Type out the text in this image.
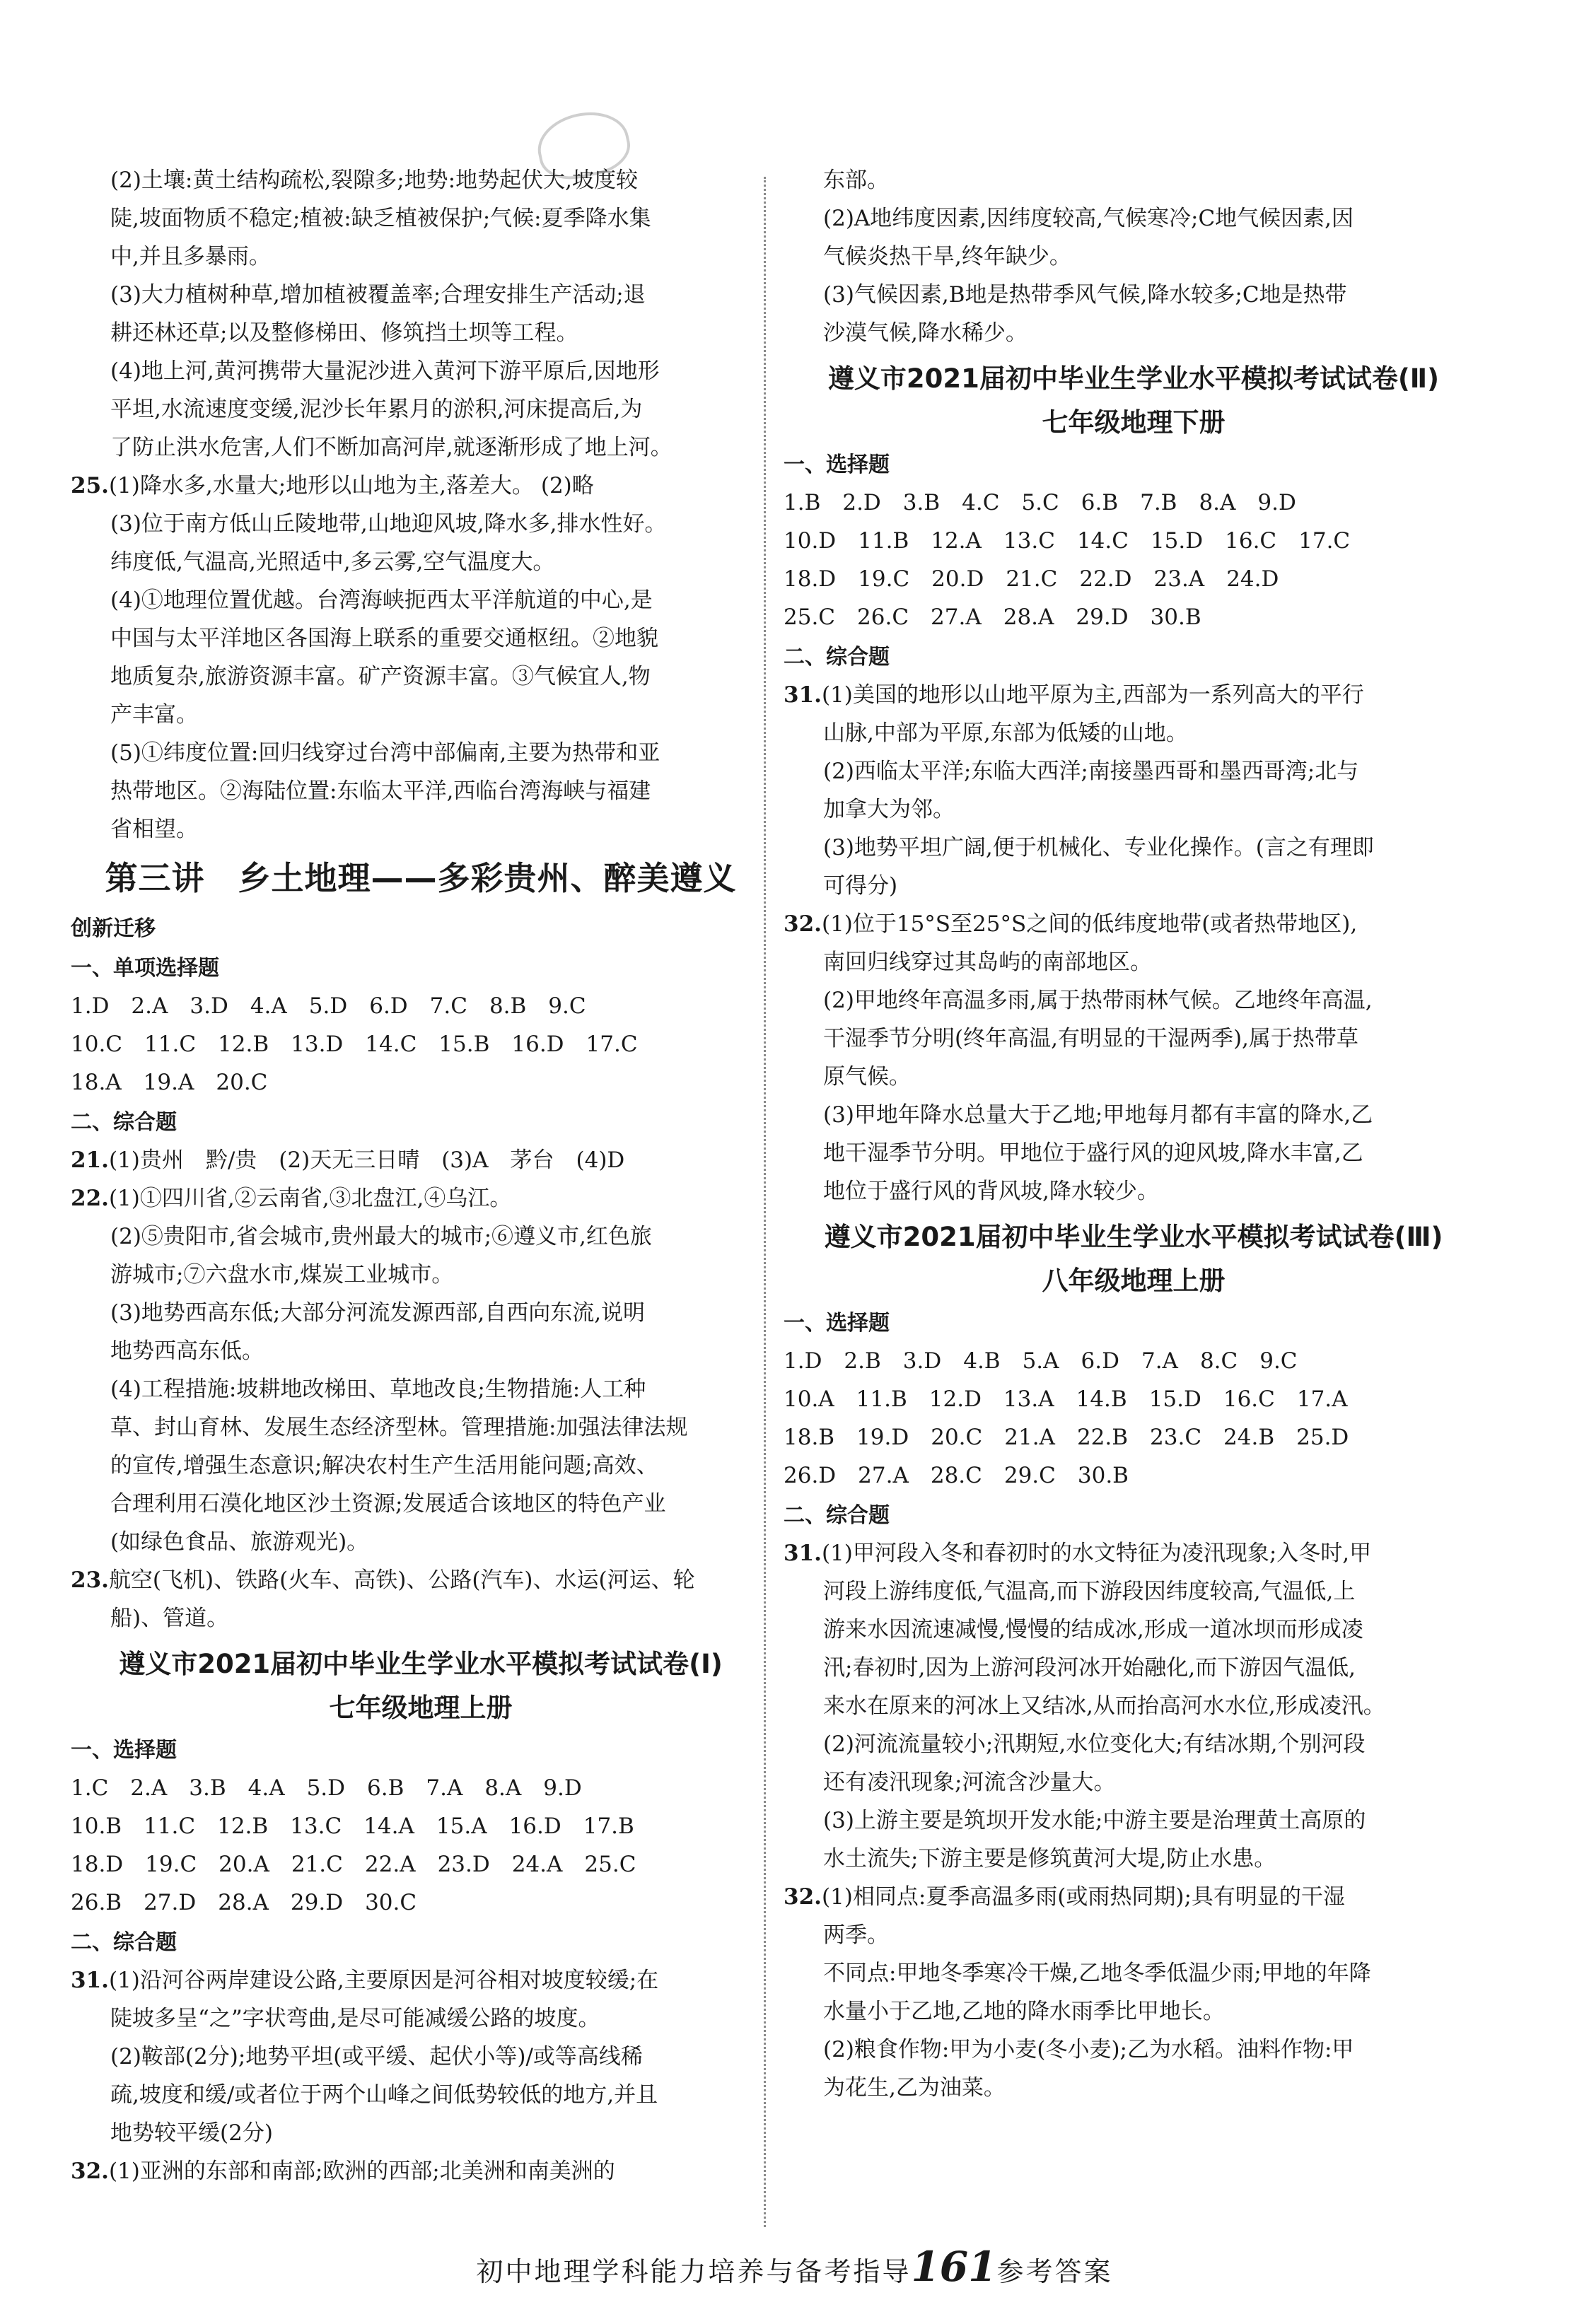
(2)土壤:黄土结构疏松,裂隙多;地势:地势起伏大,坡度较
陡,坡面物质不稳定;植被:缺乏植被保护;气候:夏季降水集
中,并且多暴雨。
(3)大力植树种草,增加植被覆盖率;合理安排生产活动;退
耕还林还草;以及整修梯田、修筑挡土坝等工程。
(4)地上河,黄河携带大量泥沙进入黄河下游平原后,因地形
平坦,水流速度变缓,泥沙长年累月的淤积,河床提高后,为
了防止洪水危害,人们不断加高河岸,就逐渐形成了地上河。
25.(1)降水多,水量大;地形以山地为主,落差大。 (2)略
(3)位于南方低山丘陵地带,山地迎风坡,降水多,排水性好。
纬度低,气温高,光照适中,多云雾,空气温度大。
(4)①地理位置优越。台湾海峡扼西太平洋航道的中心,是
中国与太平洋地区各国海上联系的重要交通枢纽。②地貌
地质复杂,旅游资源丰富。矿产资源丰富。③气候宜人,物
产丰富。
(5)①纬度位置:回归线穿过台湾中部偏南,主要为热带和亚
热带地区。②海陆位置:东临太平洋,西临台湾海峡与福建
省相望。
第三讲　乡土地理——多彩贵州、醉美遵义
创新迁移
一、单项选择题
1.D　2.A　3.D　4.A　5.D　6.D　7.C　8.B　9.C
10.C　11.C　12.B　13.D　14.C　15.B　16.D　17.C
18.A　19.A　20.C
二、综合题
21.(1)贵州　黔/贵　(2)天无三日晴　(3)A　茅台　(4)D
22.(1)①四川省,②云南省,③北盘江,④乌江。
(2)⑤贵阳市,省会城市,贵州最大的城市;⑥遵义市,红色旅
游城市;⑦六盘水市,煤炭工业城市。
(3)地势西高东低;大部分河流发源西部,自西向东流,说明
地势西高东低。
(4)工程措施:坡耕地改梯田、草地改良;生物措施:人工种
草、封山育林、发展生态经济型林。管理措施:加强法律法规
的宣传,增强生态意识;解决农村生产生活用能问题;高效、
合理利用石漠化地区沙土资源;发展适合该地区的特色产业
(如绿色食品、旅游观光)。
23.航空(飞机)、铁路(火车、高铁)、公路(汽车)、水运(河运、轮
船)、管道。
遵义市2021届初中毕业生学业水平模拟考试试卷(Ⅰ)
七年级地理上册
一、选择题
1.C　2.A　3.B　4.A　5.D　6.B　7.A　8.A　9.D
10.B　11.C　12.B　13.C　14.A　15.A　16.D　17.B
18.D　19.C　20.A　21.C　22.A　23.D　24.A　25.C
26.B　27.D　28.A　29.D　30.C
二、综合题
31.(1)沿河谷两岸建设公路,主要原因是河谷相对坡度较缓;在
陡坡多呈“之”字状弯曲,是尽可能减缓公路的坡度。
(2)鞍部(2分);地势平坦(或平缓、起伏小等)/或等高线稀
疏,坡度和缓/或者位于两个山峰之间低势较低的地方,并且
地势较平缓(2分)
32.(1)亚洲的东部和南部;欧洲的西部;北美洲和南美洲的
东部。
(2)A地纬度因素,因纬度较高,气候寒冷;C地气候因素,因
气候炎热干旱,终年缺少。
(3)气候因素,B地是热带季风气候,降水较多;C地是热带
沙漠气候,降水稀少。
遵义市2021届初中毕业生学业水平模拟考试试卷(Ⅱ)
七年级地理下册
一、选择题
1.B　2.D　3.B　4.C　5.C　6.B　7.B　8.A　9.D
10.D　11.B　12.A　13.C　14.C　15.D　16.C　17.C
18.D　19.C　20.D　21.C　22.D　23.A　24.D
25.C　26.C　27.A　28.A　29.D　30.B
二、综合题
31.(1)美国的地形以山地平原为主,西部为一系列高大的平行
山脉,中部为平原,东部为低矮的山地。
(2)西临太平洋;东临大西洋;南接墨西哥和墨西哥湾;北与
加拿大为邻。
(3)地势平坦广阔,便于机械化、专业化操作。(言之有理即
可得分)
32.(1)位于15°S至25°S之间的低纬度地带(或者热带地区),
南回归线穿过其岛屿的南部地区。
(2)甲地终年高温多雨,属于热带雨林气候。乙地终年高温,
干湿季节分明(终年高温,有明显的干湿两季),属于热带草
原气候。
(3)甲地年降水总量大于乙地;甲地每月都有丰富的降水,乙
地干湿季节分明。甲地位于盛行风的迎风坡,降水丰富,乙
地位于盛行风的背风坡,降水较少。
遵义市2021届初中毕业生学业水平模拟考试试卷(Ⅲ)
八年级地理上册
一、选择题
1.D　2.B　3.D　4.B　5.A　6.D　7.A　8.C　9.C
10.A　11.B　12.D　13.A　14.B　15.D　16.C　17.A
18.B　19.D　20.C　21.A　22.B　23.C　24.B　25.D
26.D　27.A　28.C　29.C　30.B
二、综合题
31.(1)甲河段入冬和春初时的水文特征为凌汛现象;入冬时,甲
河段上游纬度低,气温高,而下游段因纬度较高,气温低,上
游来水因流速减慢,慢慢的结成冰,形成一道冰坝而形成凌
汛;春初时,因为上游河段河冰开始融化,而下游因气温低,
来水在原来的河冰上又结冰,从而抬高河水水位,形成凌汛。
(2)河流流量较小;汛期短,水位变化大;有结冰期,个别河段
还有凌汛现象;河流含沙量大。
(3)上游主要是筑坝开发水能;中游主要是治理黄土高原的
水土流失;下游主要是修筑黄河大堤,防止水患。
32.(1)相同点:夏季高温多雨(或雨热同期);具有明显的干湿
两季。
不同点:甲地冬季寒冷干燥,乙地冬季低温少雨;甲地的年降
水量小于乙地,乙地的降水雨季比甲地长。
(2)粮食作物:甲为小麦(冬小麦);乙为水稻。油料作物:甲
为花生,乙为油菜。
初中地理学科能力培养与备考指导161参考答案
